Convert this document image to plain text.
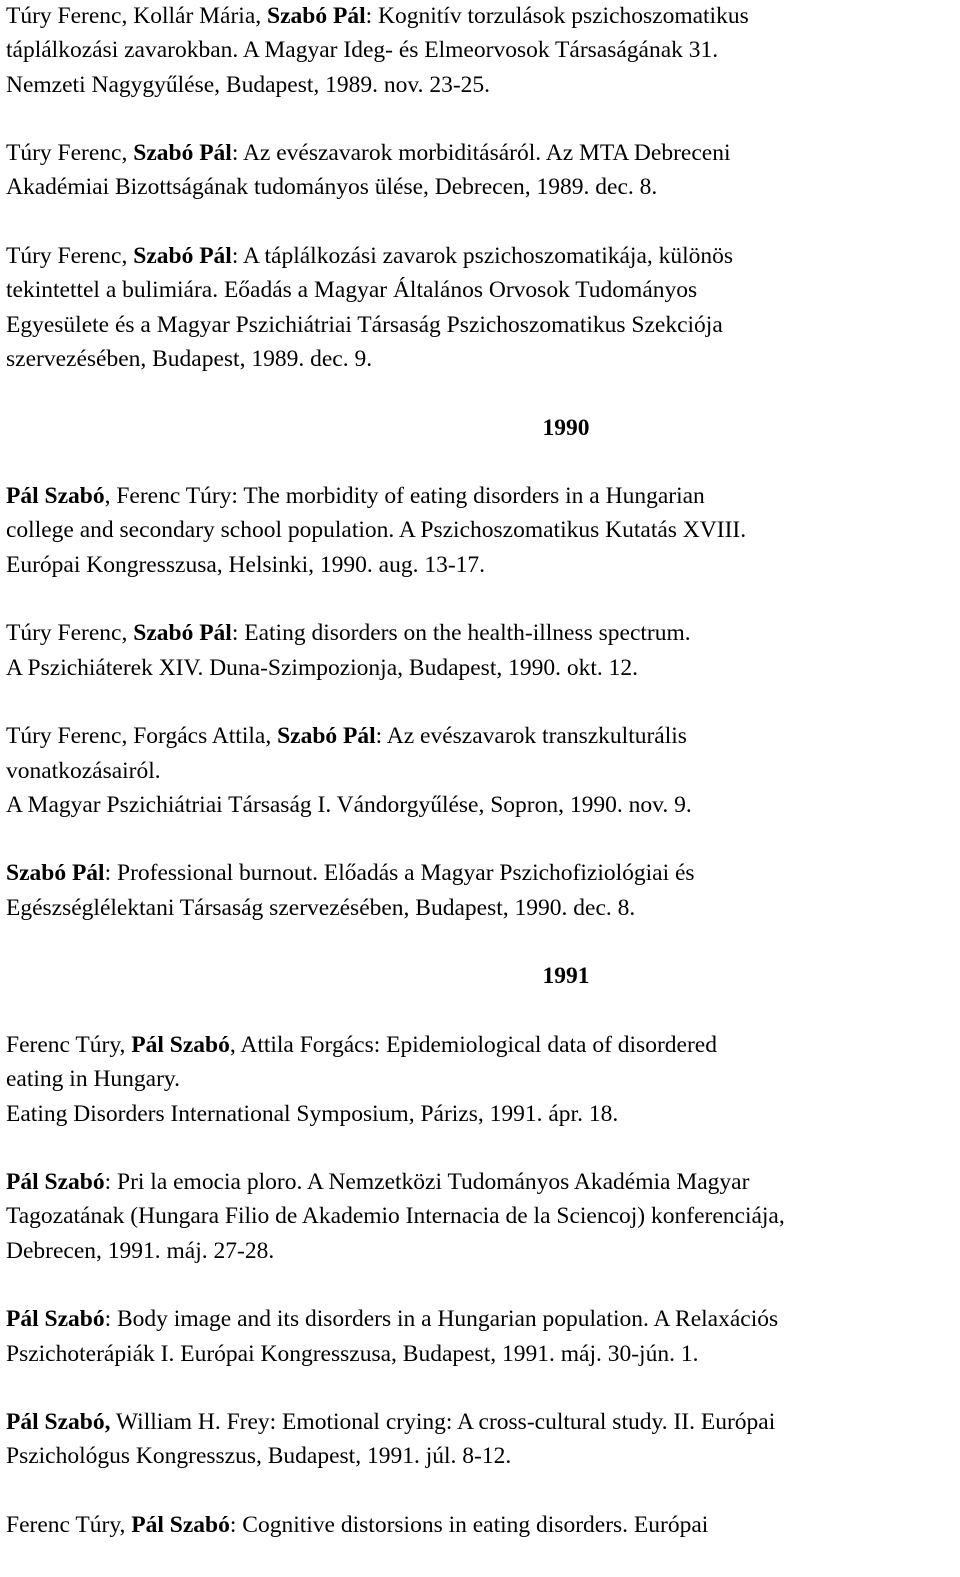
Túry Ferenc, Kollár Mária, Szabó Pál: Kognitív torzulások pszichoszomatikus
táplálkozási zavarokban. A Magyar Ideg- és Elmeorvosok Társaságának 31.
Nemzeti Nagygyűlése, Budapest, 1989. nov. 23-25.
Túry Ferenc, Szabó Pál: Az evészavarok morbiditásáról. Az MTA Debreceni
Akadémiai Bizottságának tudományos ülése, Debrecen, 1989. dec. 8.
Túry Ferenc, Szabó Pál: A táplálkozási zavarok pszichoszomatikája, különös
tekintettel a bulimiára. Eőadás a Magyar Általános Orvosok Tudományos
Egyesülete és a Magyar Pszichiátriai Társaság Pszichoszomatikus Szekciója
szervezésében, Budapest, 1989. dec. 9.
1990
Pál Szabó, Ferenc Túry: The morbidity of eating disorders in a Hungarian
college and secondary school population. A Pszichoszomatikus Kutatás XVIII.
Európai Kongresszusa, Helsinki, 1990. aug. 13-17.
Túry Ferenc, Szabó Pál: Eating disorders on the health-illness spectrum.
A Pszichiáterek XIV. Duna-Szimpozionja, Budapest, 1990. okt. 12.
Túry Ferenc, Forgács Attila, Szabó Pál: Az evészavarok transzkulturális
vonatkozásairól.
A Magyar Pszichiátriai Társaság I. Vándorgyűlése, Sopron, 1990. nov. 9.
Szabó Pál: Professional burnout. Előadás a Magyar Pszichofiziológiai és
Egészséglélektani Társaság szervezésében, Budapest, 1990. dec. 8.
1991
Ferenc Túry, Pál Szabó, Attila Forgács: Epidemiological data of disordered
eating in Hungary.
Eating Disorders International Symposium, Párizs, 1991. ápr. 18.
Pál Szabó: Pri la emocia ploro. A Nemzetközi Tudományos Akadémia Magyar
Tagozatának (Hungara Filio de Akademio Internacia de la Sciencoj) konferenciája,
Debrecen, 1991. máj. 27-28.
Pál Szabó: Body image and its disorders in a Hungarian population. A Relaxációs
Pszichoterápiák I. Európai Kongresszusa, Budapest, 1991. máj. 30-jún. 1.
Pál Szabó, William H. Frey: Emotional crying: A cross-cultural study. II. Európai
Pszichológus Kongresszus, Budapest, 1991. júl. 8-12.
Ferenc Túry, Pál Szabó: Cognitive distorsions in eating disorders. Európai
